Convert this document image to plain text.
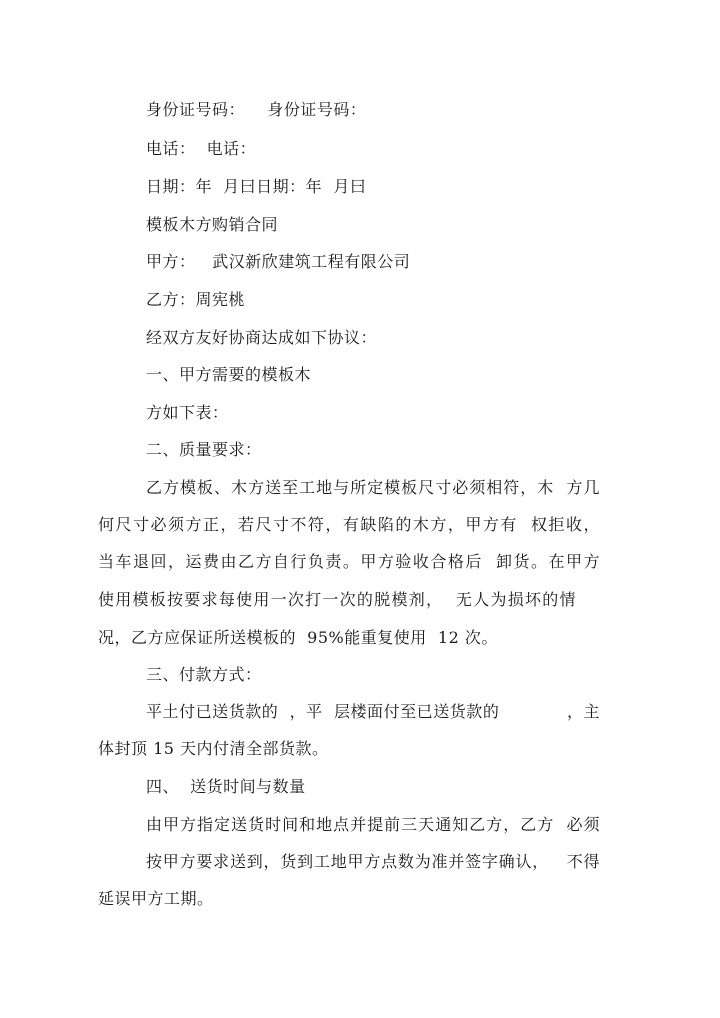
身份证号码：    身份证号码：
电话：  电话：
日期：年  月曰日期：年  月曰
模板木方购销合同
甲方：   武汉新欣建筑工程有限公司
乙方：周宪桃
经双方友好协商达成如下协议：
一、甲方需要的模板木
方如下表：
二、质量要求：
乙方模板、木方送至工地与所定模板尺寸必须相符，木  方几
何尺寸必须方正，若尺寸不符，有缺陷的木方，甲方有  权拒收，
当车退回，运费由乙方自行负责。甲方验收合格后  卸货。在甲方
使用模板按要求每使用一次打一次的脱模剂，  无人为损坏的情
况，乙方应保证所送模板的  95%能重复使用  12 次。
三、付款方式：
平土付已送货款的  ，平  层楼面付至已送货款的            ，主
体封顶 15 天内付清全部货款。
四、  送货时间与数量
由甲方指定送货时间和地点并提前三天通知乙方，乙方  必须
按甲方要求送到，货到工地甲方点数为准并签字确认，   不得
延误甲方工期。
